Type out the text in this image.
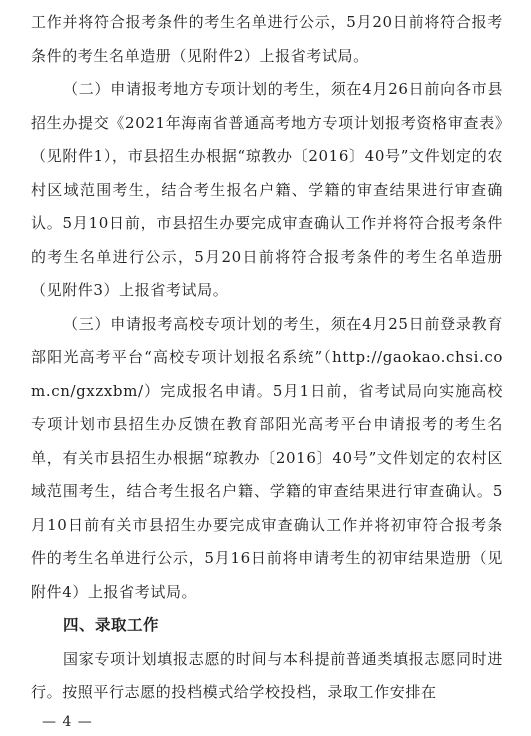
工作并将符合报考条件的考生名单进行公示，5月20日前将符合报考条件的考生名单造册（见附件2）上报省考试局。

（二）申请报考地方专项计划的考生，须在4月26日前向各市县招生办提交《2021年海南省普通高考地方专项计划报考资格审查表》（见附件1），市县招生办根据“琼教办〔2016〕40号”文件划定的农村区域范围考生，结合考生报名户籍、学籍的审查结果进行审查确认。5月10日前，市县招生办要完成审查确认工作并将符合报考条件的考生名单进行公示，5月20日前将符合报考条件的考生名单造册（见附件3）上报省考试局。

（三）申请报考高校专项计划的考生，须在4月25日前登录教育部阳光高考平台“高校专项计划报名系统”（http://gaokao.chsi.com.cn/gxzxbm/）完成报名申请。5月1日前，省考试局向实施高校专项计划市县招生办反馈在教育部阳光高考平台申请报考的考生名单，有关市县招生办根据“琼教办〔2016〕40号”文件划定的农村区域范围考生，结合考生报名户籍、学籍的审查结果进行审查确认。5月10日前有关市县招生办要完成审查确认工作并将初审符合报考条件的考生名单进行公示，5月16日前将申请考生的初审结果造册（见附件4）上报省考试局。

四、录取工作

国家专项计划填报志愿的时间与本科提前普通类填报志愿同时进行。按照平行志愿的投档模式给学校投档，录取工作安排在

— 4 —
